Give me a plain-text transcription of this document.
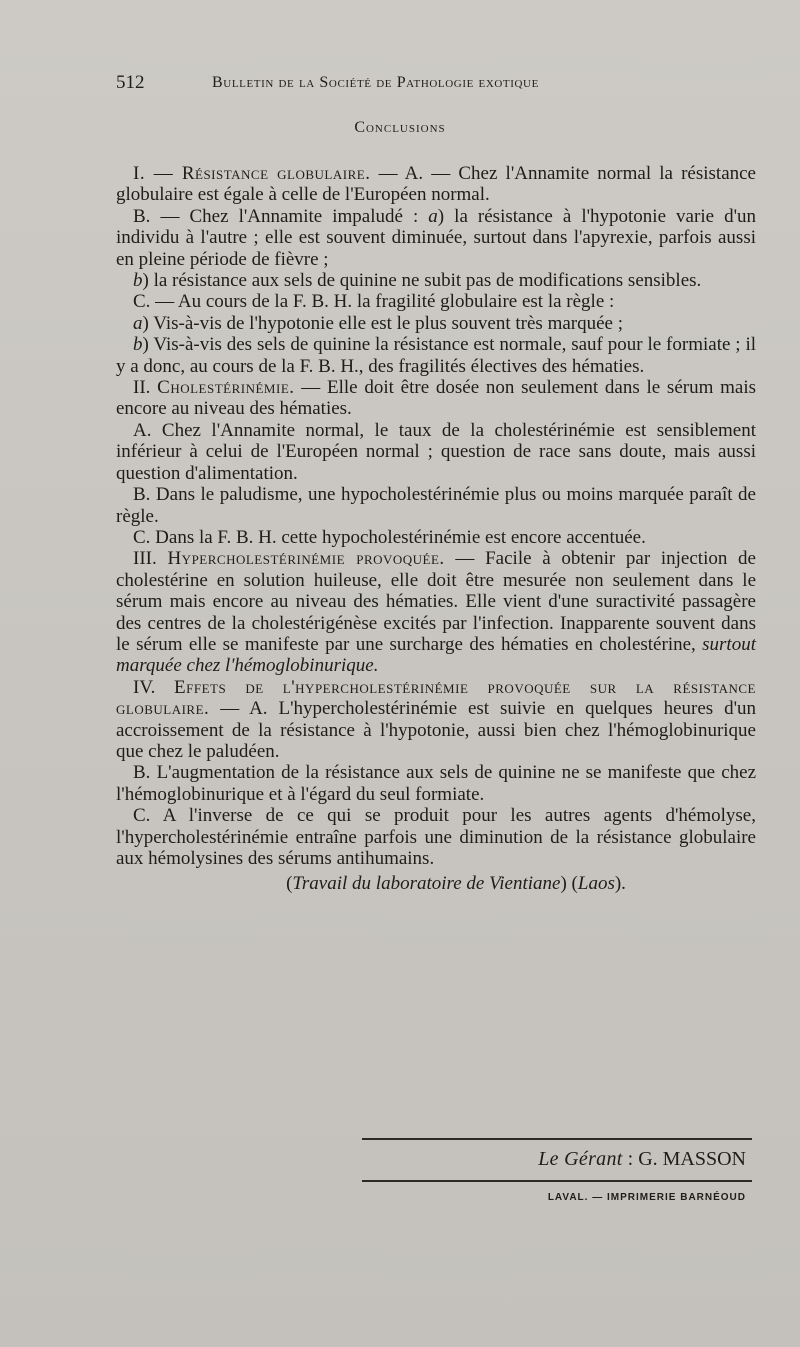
512	Bulletin de la Société de Pathologie exotique
Conclusions

I. — Résistance globulaire. — A. — Chez l'Annamite normal la résistance globulaire est égale à celle de l'Européen normal.

B. — Chez l'Annamite impaludé : a) la résistance à l'hypotonie varie d'un individu à l'autre ; elle est souvent diminuée, surtout dans l'apyrexie, parfois aussi en pleine période de fièvre ;

b) la résistance aux sels de quinine ne subit pas de modifications sensibles.

C. — Au cours de la F. B. H. la fragilité globulaire est la règle :

a) Vis-à-vis de l'hypotonie elle est le plus souvent très marquée ;

b) Vis-à-vis des sels de quinine la résistance est normale, sauf pour le formiate ; il y a donc, au cours de la F. B. H., des fragilités électives des hématies.

II. Cholestérinémie. — Elle doit être dosée non seulement dans le sérum mais encore au niveau des hématies.

A. Chez l'Annamite normal, le taux de la cholestérinémie est sensiblement inférieur à celui de l'Européen normal ; question de race sans doute, mais aussi question d'alimentation.

B. Dans le paludisme, une hypocholestérinémie plus ou moins marquée paraît de règle.

C. Dans la F. B. H. cette hypocholestérinémie est encore accentuée.

III. Hypercholestérinémie provoquée. — Facile à obtenir par injection de cholestérine en solution huileuse, elle doit être mesurée non seulement dans le sérum mais encore au niveau des hématies. Elle vient d'une suractivité passagère des centres de la cholestérigénèse excités par l'infection. Inapparente souvent dans le sérum elle se manifeste par une surcharge des hématies en cholestérine, surtout marquée chez l'hémoglobinurique.

IV. Effets de l'hypercholestérinémie provoquée sur la résistance globulaire. — A. L'hypercholestérinémie est suivie en quelques heures d'un accroissement de la résistance à l'hypotonie, aussi bien chez l'hémoglobinurique que chez le paludéen.

B. L'augmentation de la résistance aux sels de quinine ne se manifeste que chez l'hémoglobinurique et à l'égard du seul formiate.

C. A l'inverse de ce qui se produit pour les autres agents d'hémolyse, l'hypercholestérinémie entraîne parfois une diminution de la résistance globulaire aux hémolysines des sérums antihumains.

(Travail du laboratoire de Vientiane) (Laos).

Le Gérant : G. MASSON
LAVAL. — IMPRIMERIE BARNÉOUD
